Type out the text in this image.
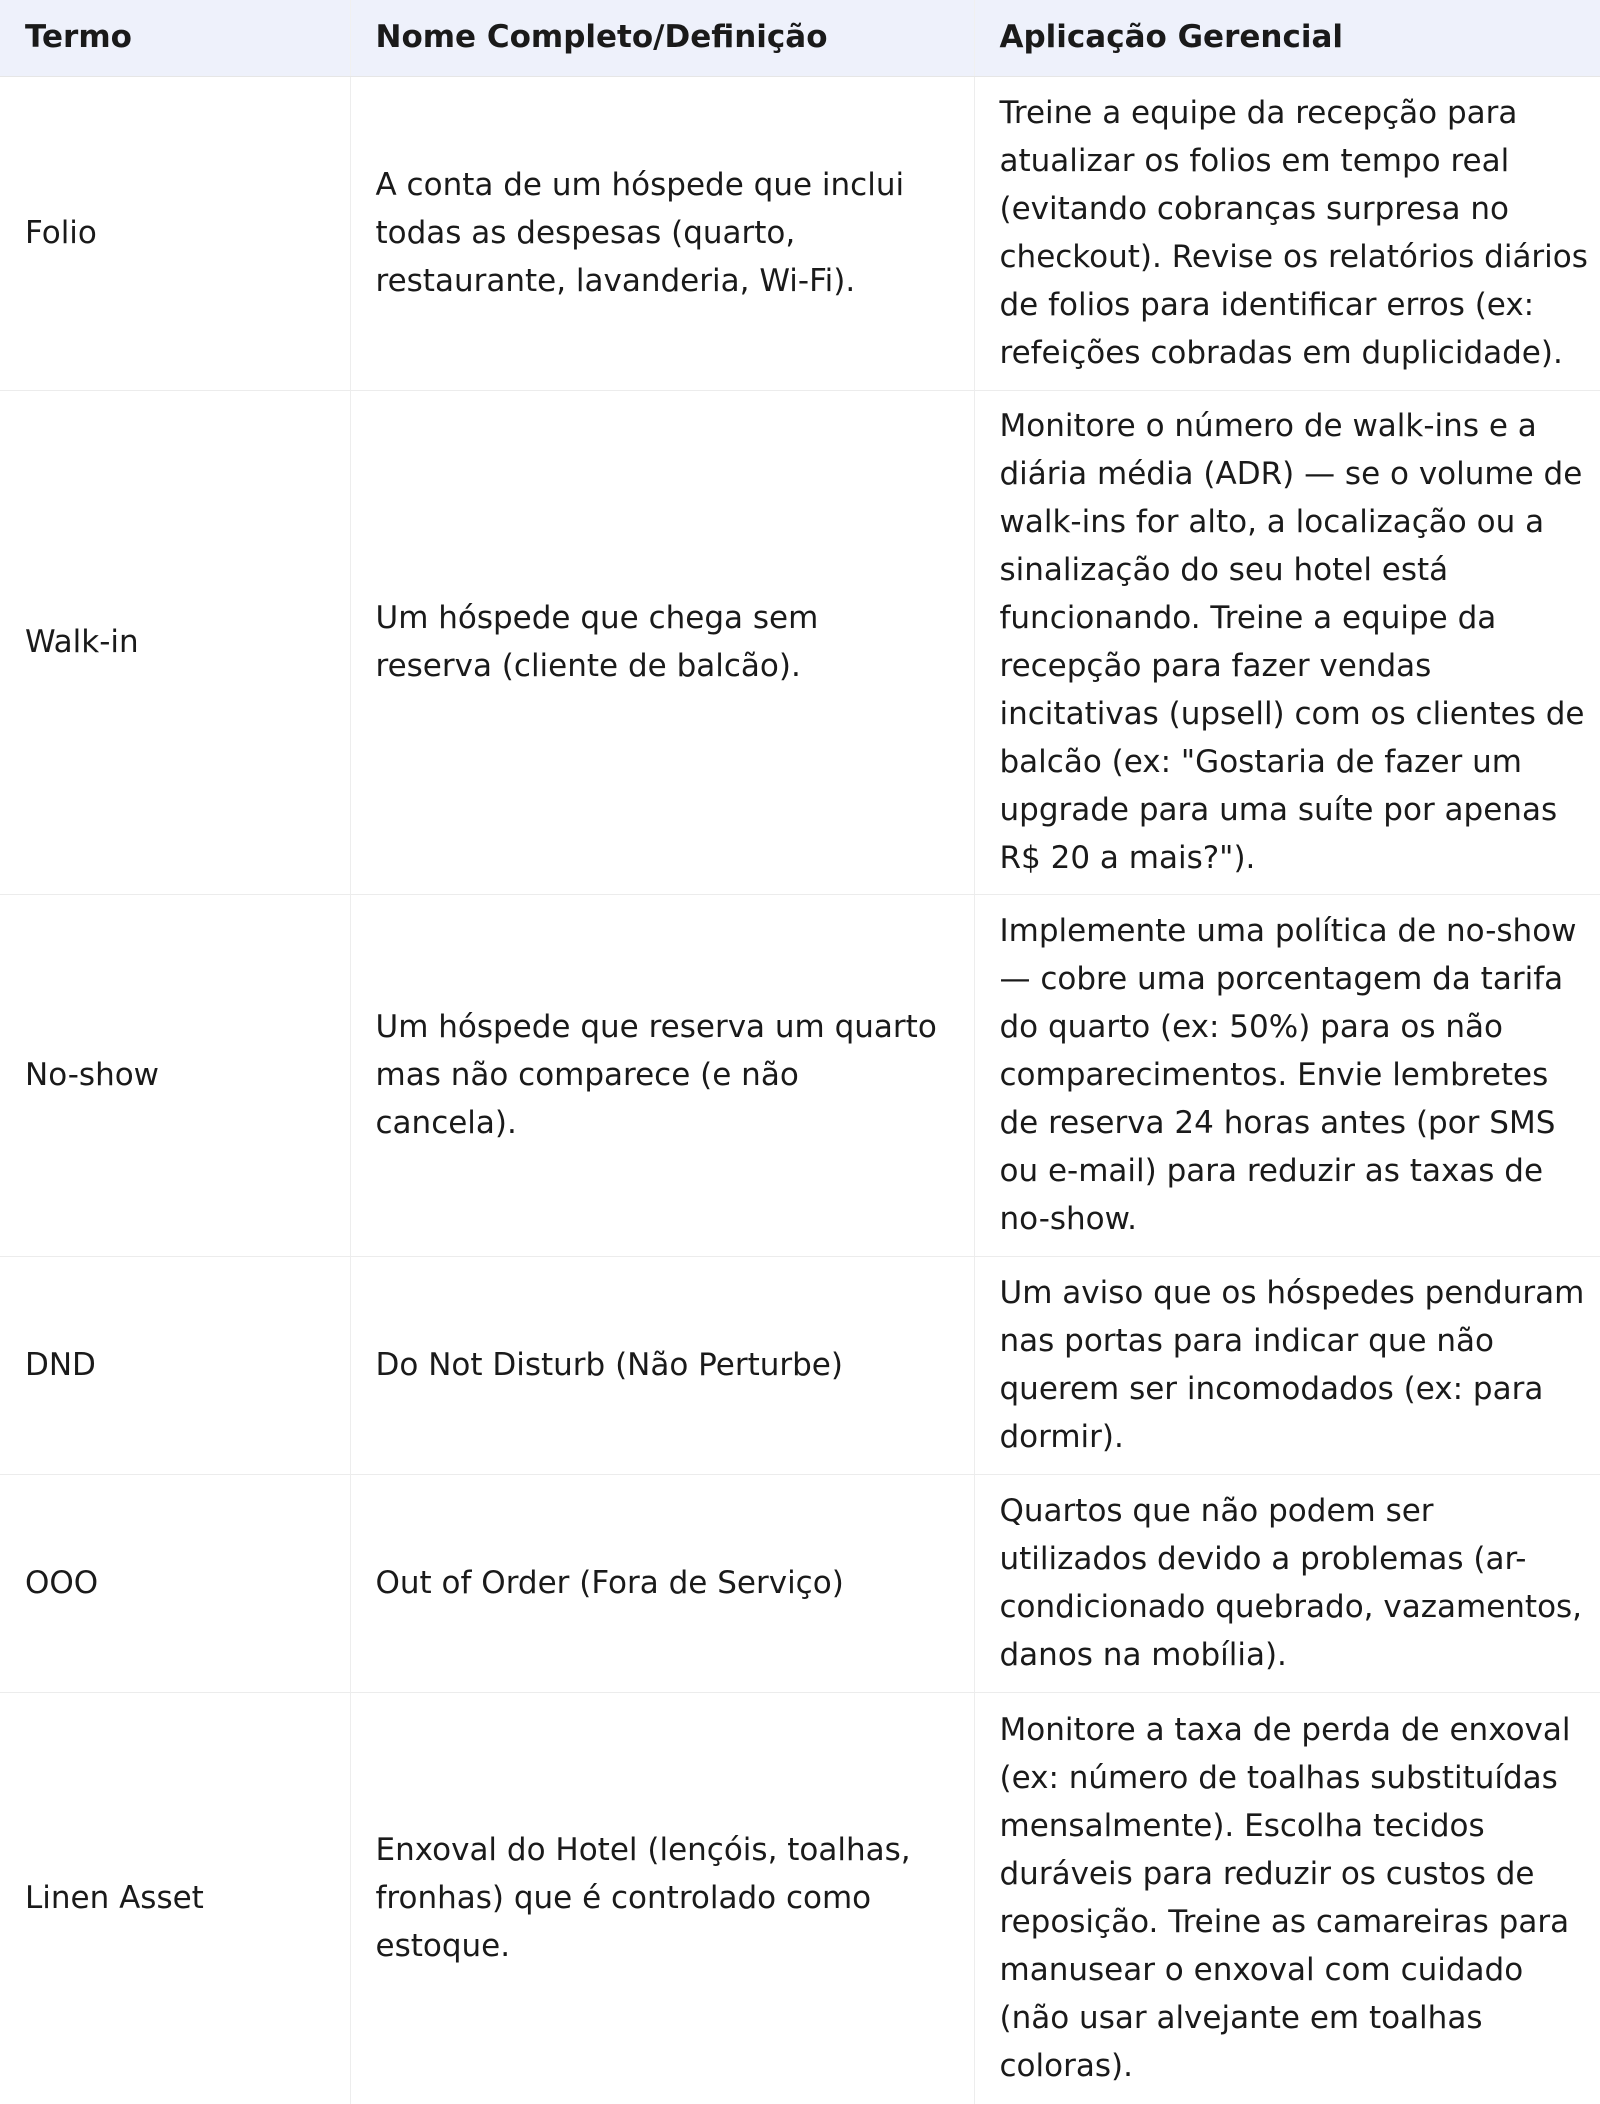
Termo	Nome Completo/Definição	Aplicação Gerencial
Folio	A conta de um hóspede que inclui todas as despesas (quarto, restaurante, lavanderia, Wi-Fi).	Treine a equipe da recepção para atualizar os folios em tempo real (evitando cobranças surpresa no checkout). Revise os relatórios diários de folios para identificar erros (ex: refeições cobradas em duplicidade).
Walk-in	Um hóspede que chega sem reserva (cliente de balcão).	Monitore o número de walk-ins e a diária média (ADR) — se o volume de walk-ins for alto, a localização ou a sinalização do seu hotel está funcionando. Treine a equipe da recepção para fazer vendas incitativas (upsell) com os clientes de balcão (ex: "Gostaria de fazer um upgrade para uma suíte por apenas R$ 20 a mais?").
No-show	Um hóspede que reserva um quarto mas não comparece (e não cancela).	Implemente uma política de no-show — cobre uma porcentagem da tarifa do quarto (ex: 50%) para os não comparecimentos. Envie lembretes de reserva 24 horas antes (por SMS ou e-mail) para reduzir as taxas de no-show.
DND	Do Not Disturb (Não Perturbe)	Um aviso que os hóspedes penduram nas portas para indicar que não querem ser incomodados (ex: para dormir).
OOO	Out of Order (Fora de Serviço)	Quartos que não podem ser utilizados devido a problemas (ar-condicionado quebrado, vazamentos, danos na mobília).
Linen Asset	Enxoval do Hotel (lençóis, toalhas, fronhas) que é controlado como estoque.	Monitore a taxa de perda de enxoval (ex: número de toalhas substituídas mensalmente). Escolha tecidos duráveis para reduzir os custos de reposição. Treine as camareiras para manusear o enxoval com cuidado (não usar alvejante em toalhas coloras).
